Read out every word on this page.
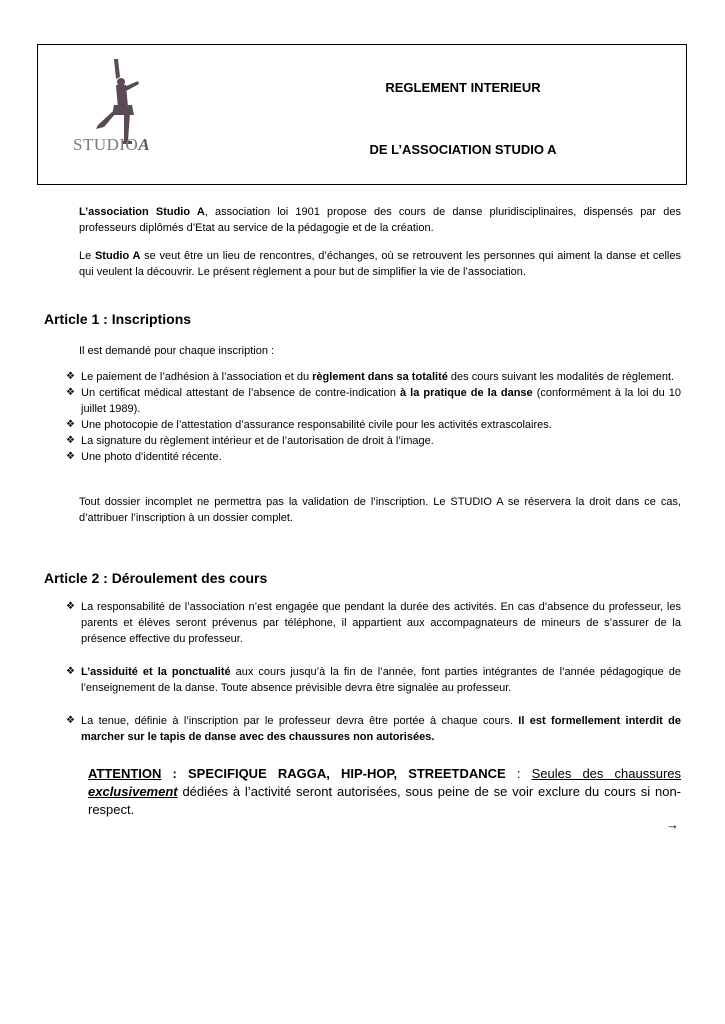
STUDIOA
REGLEMENT INTERIEUR
DE L’ASSOCIATION STUDIO A
L’association Studio A, association loi 1901 propose des cours de danse pluridisciplinaires, dispensés par des professeurs diplômés d’Etat au service de la pédagogie et de la création.
Le Studio A se veut être un lieu de rencontres, d’échanges, où se retrouvent les personnes qui aiment la danse et celles qui veulent la découvrir. Le présent règlement a pour but de simplifier la vie de l’association.
Article 1 : Inscriptions
Il est demandé pour chaque inscription :
❖ Le paiement de l’adhésion à l’association et du règlement dans sa totalité des cours suivant les modalités de règlement.
❖ Un certificat médical attestant de l’absence de contre-indication à la pratique de la danse (conformément à la loi du 10 juillet 1989).
❖ Une photocopie de l’attestation d’assurance responsabilité civile pour les activités extrascolaires.
❖ La signature du règlement intérieur et de l’autorisation de droit à l’image.
❖ Une photo d’identité récente.
Tout dossier incomplet ne permettra pas la validation de l’inscription. Le STUDIO A se réservera la droit dans ce cas, d’attribuer l’inscription à un dossier complet.
Article 2 : Déroulement des cours
❖ La responsabilité de l’association n’est engagée que pendant la durée des activités. En cas d’absence du professeur, les parents et élèves seront prévenus par téléphone, il appartient aux accompagnateurs de mineurs de s’assurer de la présence effective du professeur.
❖ L’assiduité et la ponctualité aux cours jusqu’à la fin de l’année, font parties intégrantes de l’année pédagogique de l’enseignement de la danse. Toute absence prévisible devra être signalée au professeur.
❖ La tenue, définie à l’inscription par le professeur devra être portée à chaque cours. Il est formellement interdit de marcher sur le tapis de danse avec des chaussures non autorisées.
ATTENTION : SPECIFIQUE RAGGA, HIP-HOP, STREETDANCE : Seules des chaussures exclusivement dédiées à l’activité seront autorisées, sous peine de se voir exclure du cours si non-respect.
→
